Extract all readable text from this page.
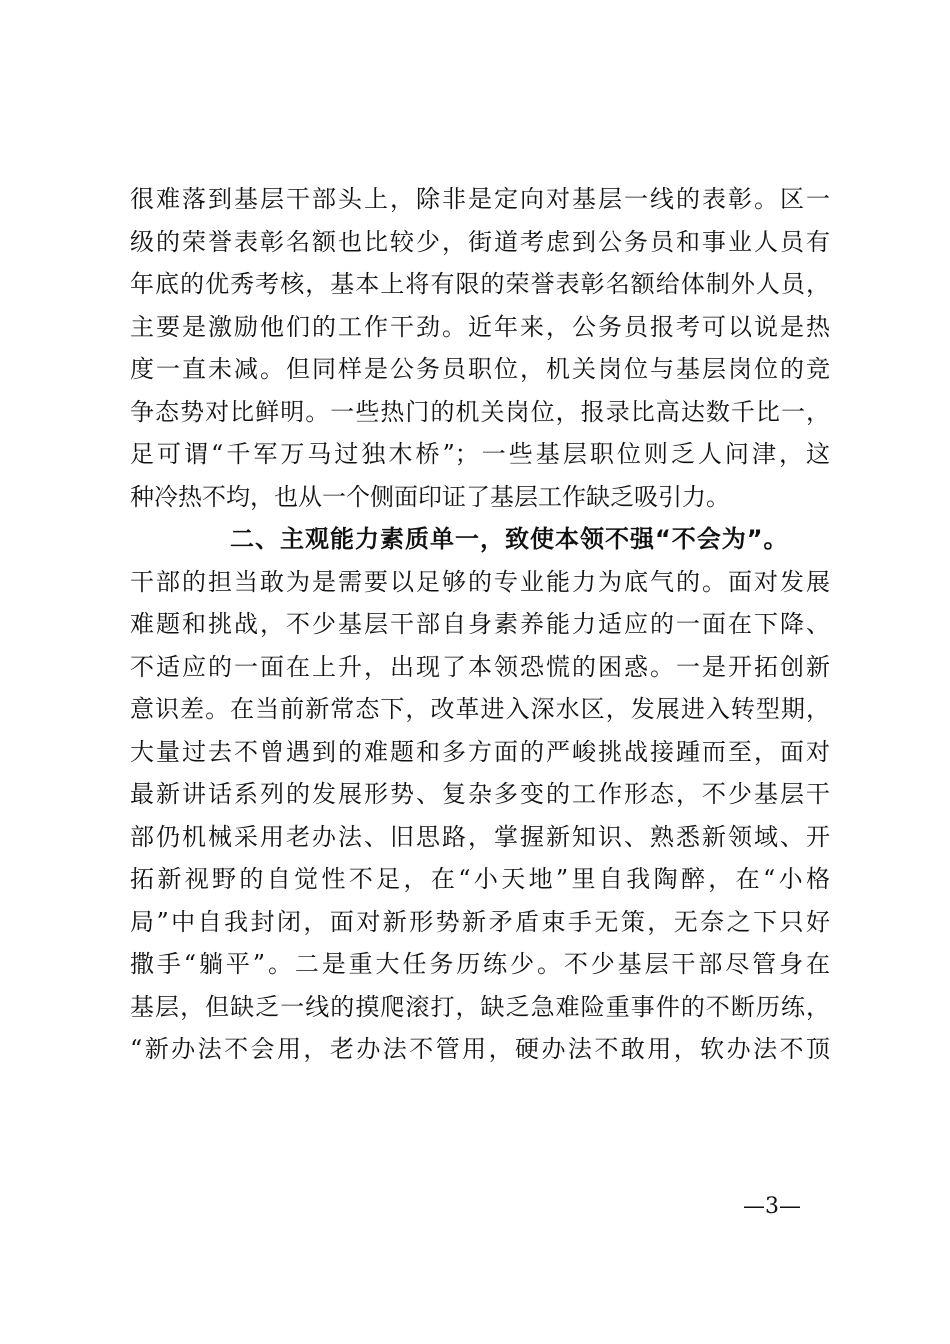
很难落到基层干部头上，除非是定向对基层一线的表彰。区一
级的荣誉表彰名额也比较少，街道考虑到公务员和事业人员有
年底的优秀考核，基本上将有限的荣誉表彰名额给体制外人员，
主要是激励他们的工作干劲。近年来，公务员报考可以说是热
度一直未减。但同样是公务员职位，机关岗位与基层岗位的竞
争态势对比鲜明。一些热门的机关岗位，报录比高达数千比一，
足可谓“千军万马过独木桥”；一些基层职位则乏人问津，这
种冷热不均，也从一个侧面印证了基层工作缺乏吸引力。
二、主观能力素质单一，致使本领不强“不会为”。
干部的担当敢为是需要以足够的专业能力为底气的。面对发展
难题和挑战，不少基层干部自身素养能力适应的一面在下降、
不适应的一面在上升，出现了本领恐慌的困惑。一是开拓创新
意识差。在当前新常态下，改革进入深水区，发展进入转型期，
大量过去不曾遇到的难题和多方面的严峻挑战接踵而至，面对
最新讲话系列的发展形势、复杂多变的工作形态，不少基层干
部仍机械采用老办法、旧思路，掌握新知识、熟悉新领域、开
拓新视野的自觉性不足，在“小天地”里自我陶醉，在“小格
局”中自我封闭，面对新形势新矛盾束手无策，无奈之下只好
撒手“躺平”。二是重大任务历练少。不少基层干部尽管身在
基层，但缺乏一线的摸爬滚打，缺乏急难险重事件的不断历练，
“新办法不会用，老办法不管用，硬办法不敢用，软办法不顶
—3—
